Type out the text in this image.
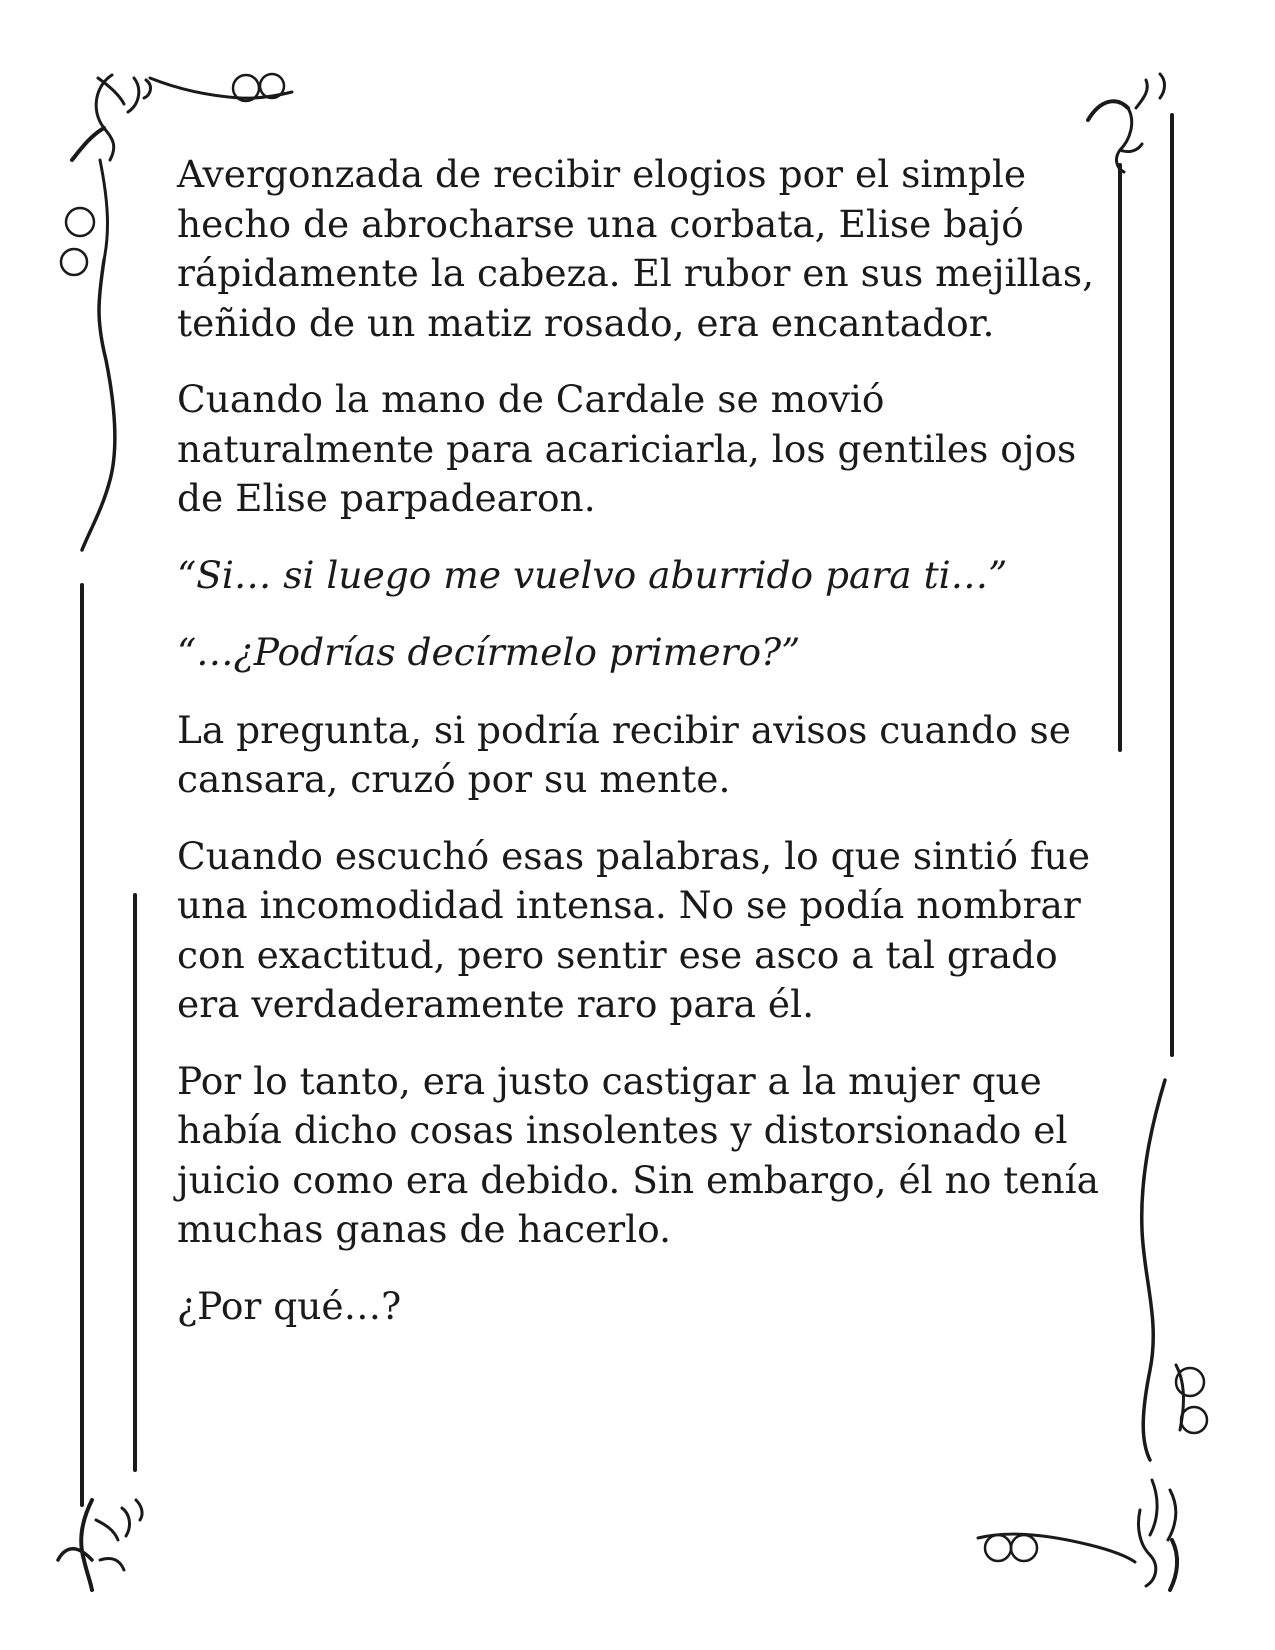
Avergonzada de recibir elogios por el simple hecho de abrocharse una corbata, Elise bajó rápidamente la cabeza. El rubor en sus mejillas, teñido de un matiz rosado, era encantador.

Cuando la mano de Cardale se movió naturalmente para acariciarla, los gentiles ojos de Elise parpadearon.

“Si… si luego me vuelvo aburrido para ti…”

“…¿Podrías decírmelo primero?”

La pregunta, si podría recibir avisos cuando se cansara, cruzó por su mente.

Cuando escuchó esas palabras, lo que sintió fue una incomodidad intensa. No se podía nombrar con exactitud, pero sentir ese asco a tal grado era verdaderamente raro para él.

Por lo tanto, era justo castigar a la mujer que había dicho cosas insolentes y distorsionado el juicio como era debido. Sin embargo, él no tenía muchas ganas de hacerlo.

¿Por qué…?
